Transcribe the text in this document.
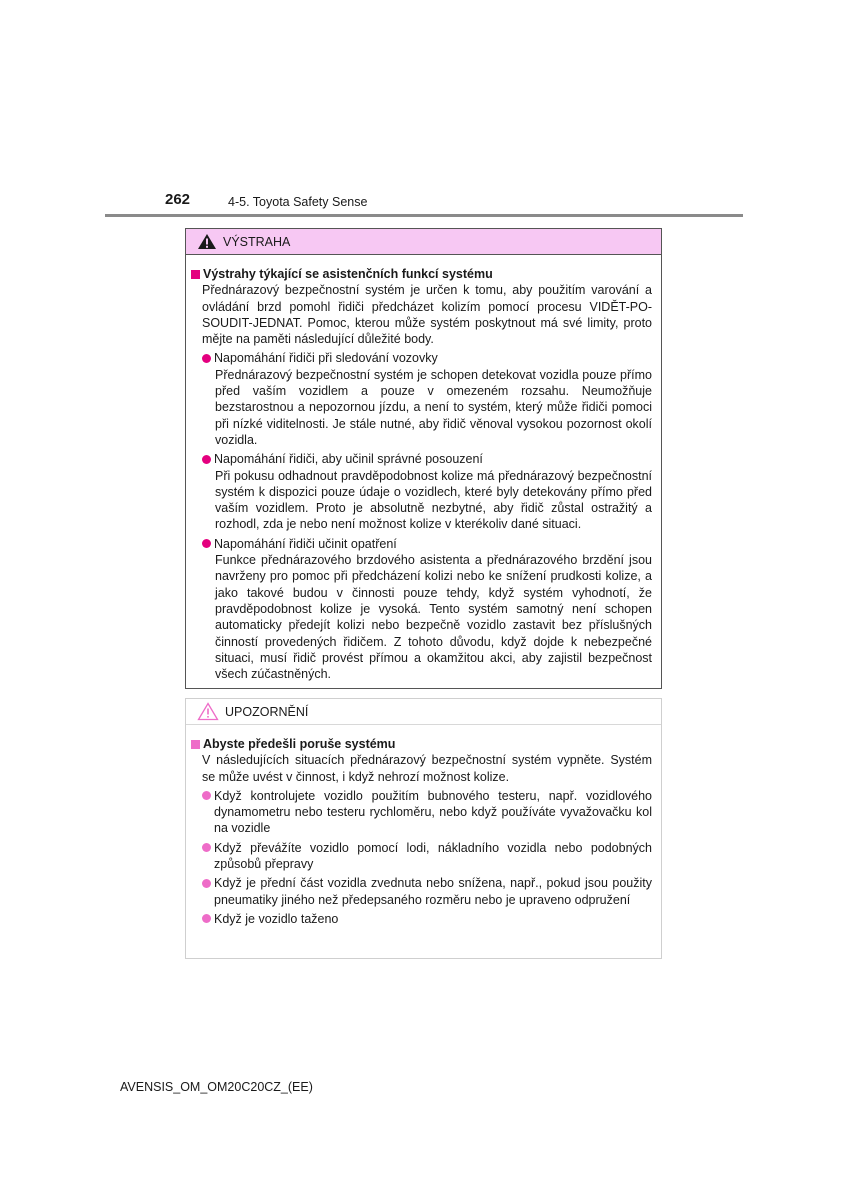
262	4-5. Toyota Safety Sense
VÝSTRAHA
Výstrahy týkající se asistenčních funkcí systému
Přednárazový bezpečnostní systém je určen k tomu, aby použitím varování a ovládání brzd pomohl řidiči předcházet kolizím pomocí procesu VIDĚT-PO-SOUDIT-JEDNAT. Pomoc, kterou může systém poskytnout má své limity, proto mějte na paměti následující důležité body.
Napomáhání řidiči při sledování vozovky
Přednárazový bezpečnostní systém je schopen detekovat vozidla pouze přímo před vaším vozidlem a pouze v omezeném rozsahu. Neumožňuje bezstarostnou a nepozornou jízdu, a není to systém, který může řidiči pomoci při nízké viditelnosti. Je stále nutné, aby řidič věnoval vysokou pozornost okolí vozidla.
Napomáhání řidiči, aby učinil správné posouzení
Při pokusu odhadnout pravděpodobnost kolize má přednárazový bezpečnostní systém k dispozici pouze údaje o vozidlech, které byly detekovány přímo před vaším vozidlem. Proto je absolutně nezbytné, aby řidič zůstal ostražitý a rozhodl, zda je nebo není možnost kolize v kterékoliv dané situaci.
Napomáhání řidiči učinit opatření
Funkce přednárazového brzdového asistenta a přednárazového brzdění jsou navrženy pro pomoc při předcházení kolizi nebo ke snížení prudkosti kolize, a jako takové budou v činnosti pouze tehdy, když systém vyhodnotí, že pravděpodobnost kolize je vysoká. Tento systém samotný není schopen automaticky předejít kolizi nebo bezpečně vozidlo zastavit bez příslušných činností provedených řidičem. Z tohoto důvodu, když dojde k nebezpečné situaci, musí řidič provést přímou a okamžitou akci, aby zajistil bezpečnost všech zúčastněných.
UPOZORNĚNÍ
Abyste předešli poruše systému
V následujících situacích přednárazový bezpečnostní systém vypněte. Systém se může uvést v činnost, i když nehrozí možnost kolize.
Když kontrolujete vozidlo použitím bubnového testeru, např. vozidlového dynamometru nebo testeru rychloměru, nebo když používáte vyvažovačku kol na vozidle
Když převážíte vozidlo pomocí lodi, nákladního vozidla nebo podobných způsobů přepravy
Když je přední část vozidla zvednuta nebo snížena, např., pokud jsou použity pneumatiky jiného než předepsaného rozměru nebo je upraveno odpružení
Když je vozidlo taženo
AVENSIS_OM_OM20C20CZ_(EE)
